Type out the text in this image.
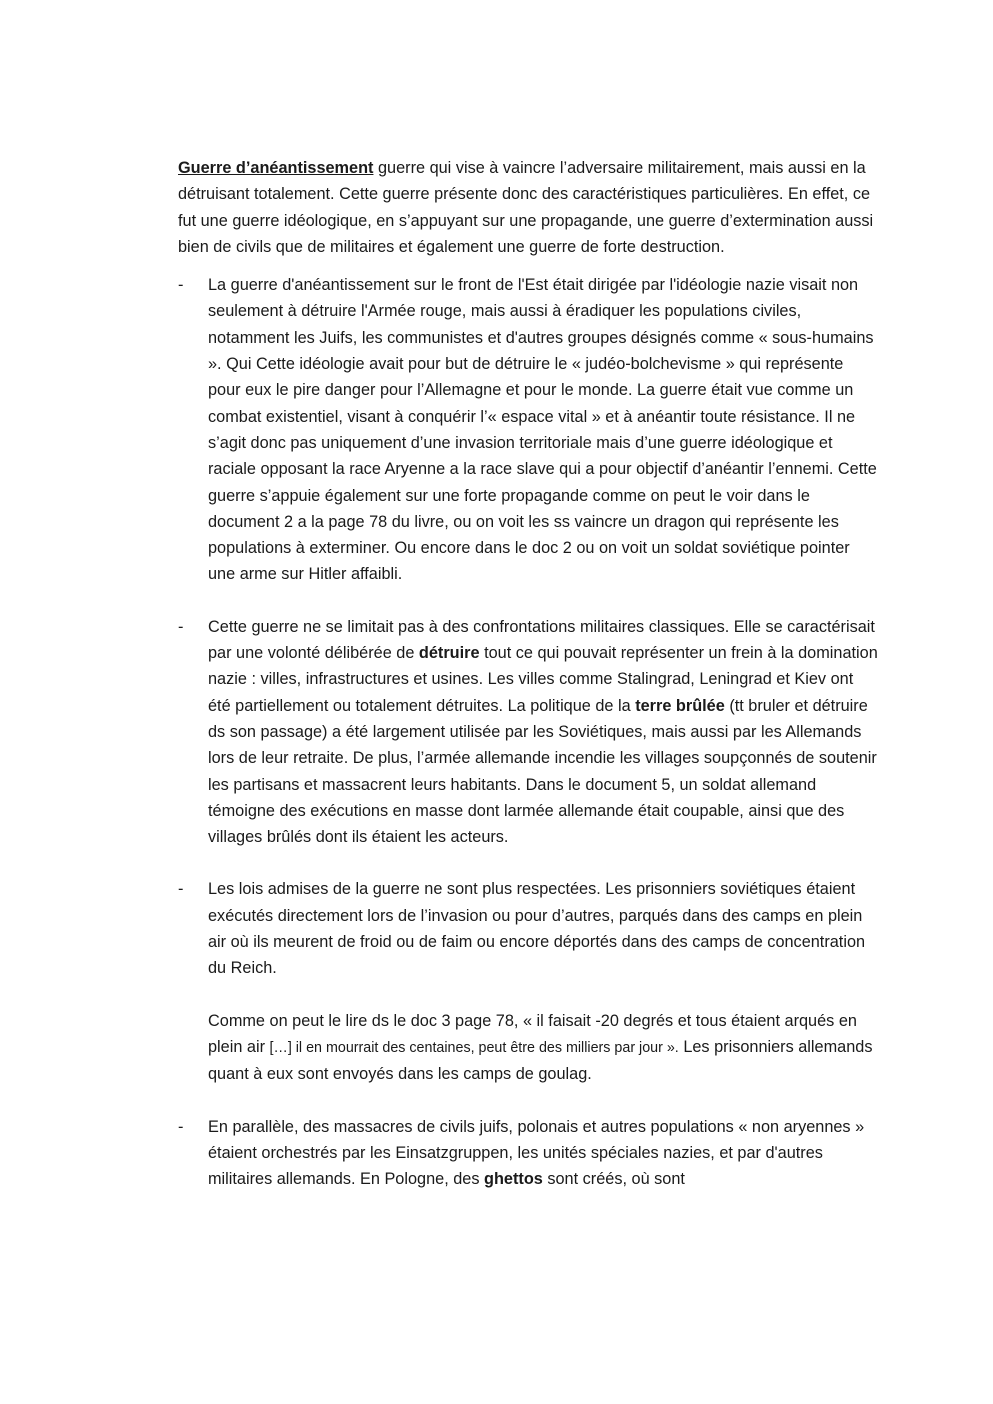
Guerre d’anéantissement guerre qui vise à vaincre l’adversaire militairement, mais aussi en la détruisant totalement. Cette guerre présente donc des caractéristiques particulières. En effet, ce fut une guerre idéologique, en s’appuyant sur une propagande, une guerre d’extermination aussi bien de civils que de militaires et également une guerre de forte destruction.

- La guerre d'anéantissement sur le front de l'Est était dirigée par l'idéologie nazie visait non seulement à détruire l'Armée rouge, mais aussi à éradiquer les populations civiles, notamment les Juifs, les communistes et d'autres groupes désignés comme « sous-humains ». Qui Cette idéologie avait pour but de détruire le « judéo-bolchevisme » qui représente pour eux le pire danger pour l’Allemagne et pour le monde. La guerre était vue comme un combat existentiel, visant à conquérir l’« espace vital » et à anéantir toute résistance. Il ne s’agit donc pas uniquement d’une invasion territoriale mais d’une guerre idéologique et raciale opposant la race Aryenne a la race slave qui a pour objectif d’anéantir l’ennemi. Cette guerre s’appuie également sur une forte propagande comme on peut le voir dans le document 2 a la page 78 du livre, ou on voit les ss vaincre un dragon qui représente les populations à exterminer. Ou encore dans le doc 2 ou on voit un soldat soviétique pointer une arme sur Hitler affaibli.

- Cette guerre ne se limitait pas à des confrontations militaires classiques. Elle se caractérisait par une volonté délibérée de détruire tout ce qui pouvait représenter un frein à la domination nazie : villes, infrastructures et usines. Les villes comme Stalingrad, Leningrad et Kiev ont été partiellement ou totalement détruites. La politique de la terre brûlée (tt bruler et détruire ds son passage) a été largement utilisée par les Soviétiques, mais aussi par les Allemands lors de leur retraite. De plus, l’armée allemande incendie les villages soupçonnés de soutenir les partisans et massacrent leurs habitants. Dans le document 5, un soldat allemand témoigne des exécutions en masse dont larmée allemande était coupable, ainsi que des villages brûlés dont ils étaient les acteurs.

- Les lois admises de la guerre ne sont plus respectées. Les prisonniers soviétiques étaient exécutés directement lors de l’invasion ou pour d’autres, parqués dans des camps en plein air où ils meurent de froid ou de faim ou encore déportés dans des camps de concentration du Reich.

Comme on peut le lire ds le doc 3 page 78, « il faisait -20 degrés et tous étaient arqués en plein air […] il en mourrait des centaines, peut être des milliers par jour ». Les prisonniers allemands quant à eux sont envoyés dans les camps de goulag.

- En parallèle, des massacres de civils juifs, polonais et autres populations « non aryennes » étaient orchestrés par les Einsatzgruppen, les unités spéciales nazies, et par d'autres militaires allemands. En Pologne, des ghettos sont créés, où sont
